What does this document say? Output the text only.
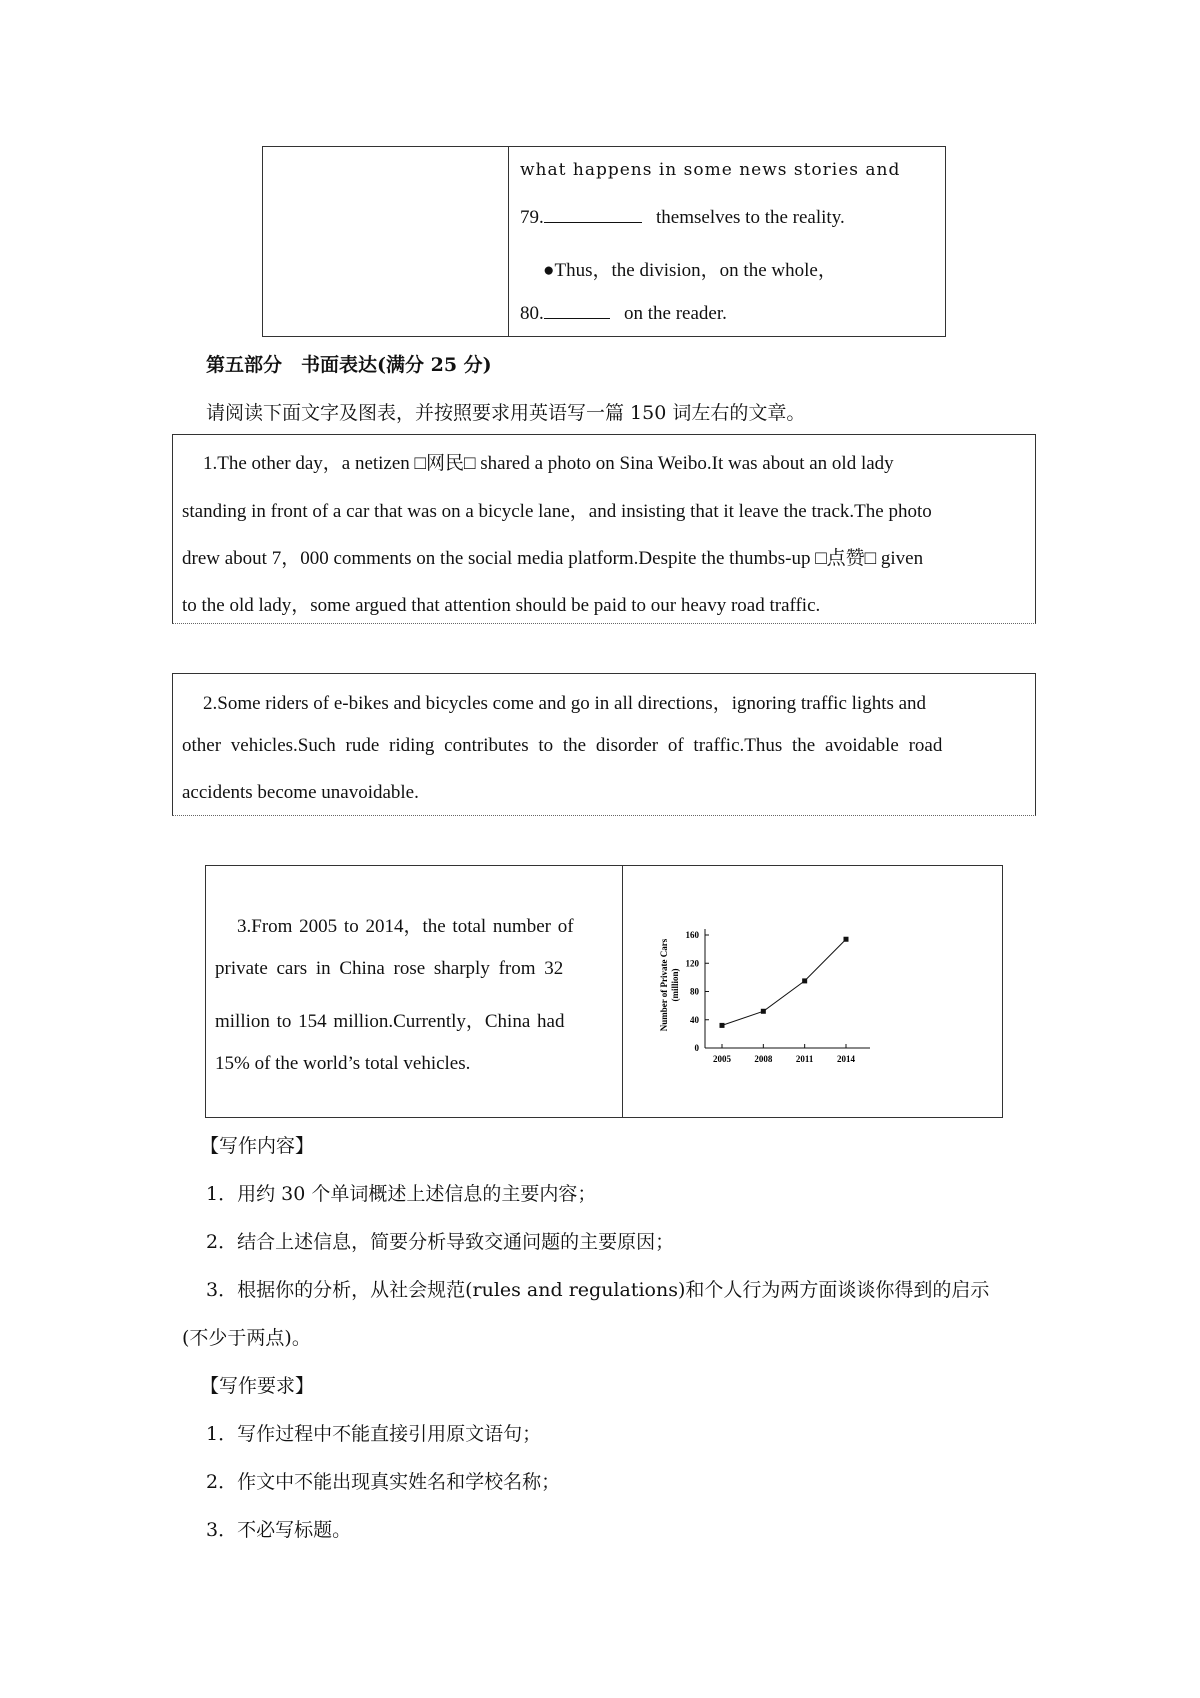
what happens in some news stories and
79.	themselves to the reality.
●Thus，the division，on the whole，
80.	on the reader.
第五部分　书面表达(满分 25 分)
请阅读下面文字及图表，并按照要求用英语写一篇 150 词左右的文章。
1.The other day，a netizen □网民□ shared a photo on Sina Weibo.It was about an old lady
standing in front of a car that was on a bicycle lane，and insisting that it leave the track.The photo
drew about 7，000 comments on the social media platform.Despite the thumbs-up □点赞□ given
to the old lady，some argued that attention should be paid to our heavy road traffic.
2.Some riders of e-bikes and bicycles come and go in all directions，ignoring traffic lights and
other vehicles.Such rude riding contributes to the disorder of traffic.Thus the avoidable road
accidents become unavoidable.
3.From 2005 to 2014，the total number of
private cars in China rose sharply from 32
million to 154 million.Currently，China had
15% of the world’s total vehicles.
0
40
80
120
160
2005	2008	2011	2014
Number of Private Cars (million)
【写作内容】
1．用约 30 个单词概述上述信息的主要内容；
2．结合上述信息，简要分析导致交通问题的主要原因；
3．根据你的分析，从社会规范(rules and regulations)和个人行为两方面谈谈你得到的启示
(不少于两点)。
【写作要求】
1．写作过程中不能直接引用原文语句；
2．作文中不能出现真实姓名和学校名称；
3．不必写标题。
